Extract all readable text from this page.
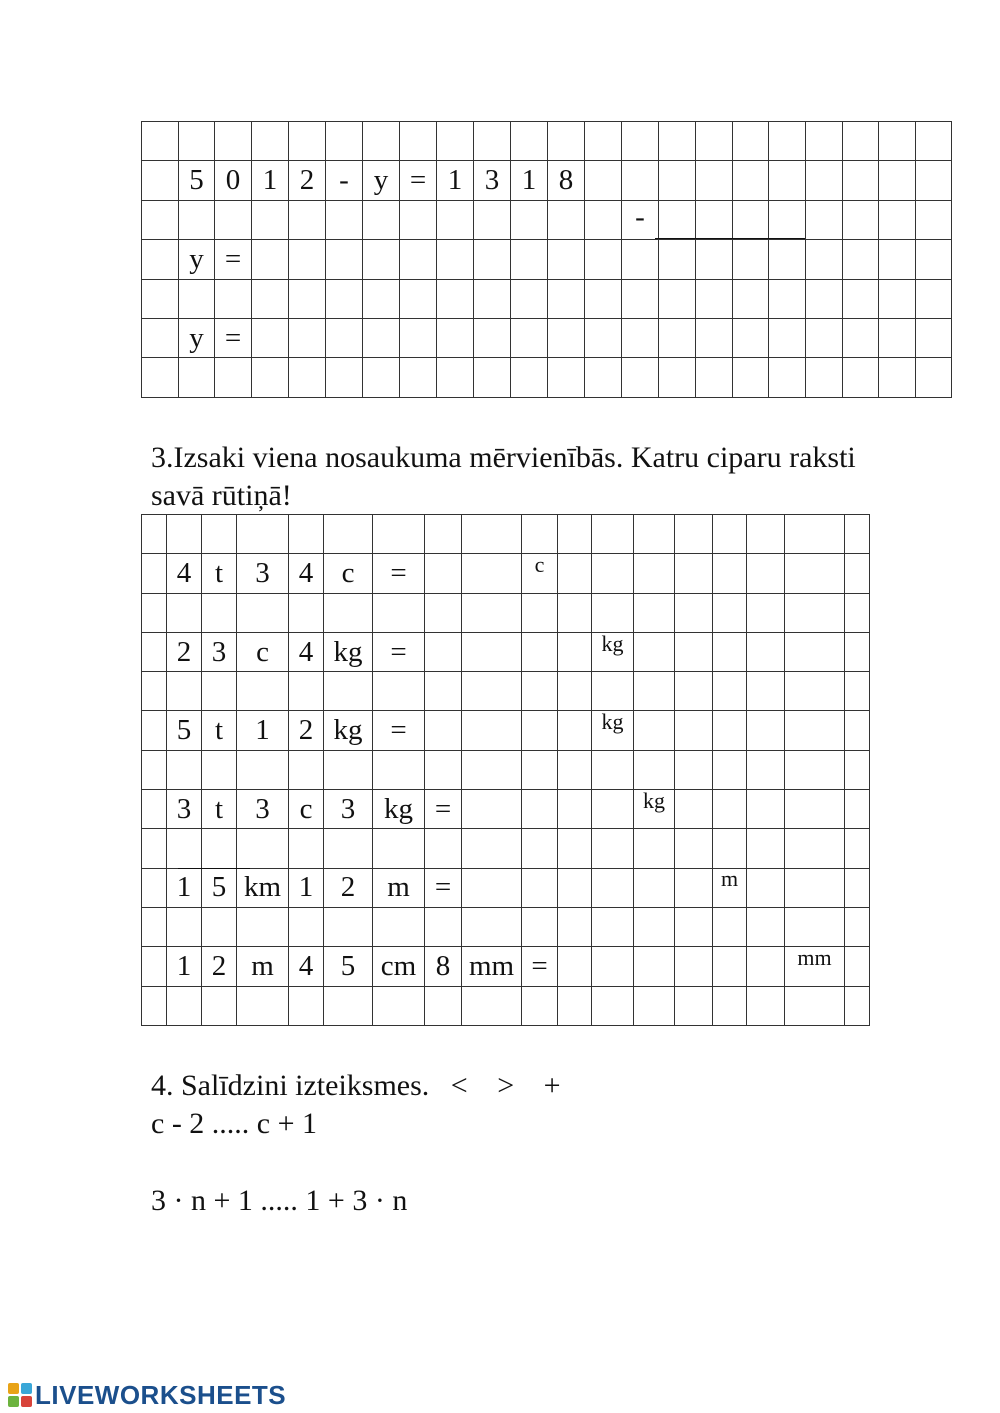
	5	0	1	2	-	y	=	1	3	1	8										
													-								
	y	=																			

	y	=																			

3.Izsaki viena nosaukuma mērvienībās. Katru ciparu raksti
savā rūtiņā!

	4	t	3	4	c	=			c								

	2	3	c	4	kg	=					kg						

	5	t	1	2	kg	=					kg						

	3	t	3	c	3	kg	=					kg					

	1	5	km	1	2	m	=							m			

	1	2	m	4	5	cm	8	mm	=							mm	

4. Salīdzini izteiksmes. < > +
c - 2 ..... c + 1
3 · n + 1 ..... 1 + 3 · n
LIVEWORKSHEETS
